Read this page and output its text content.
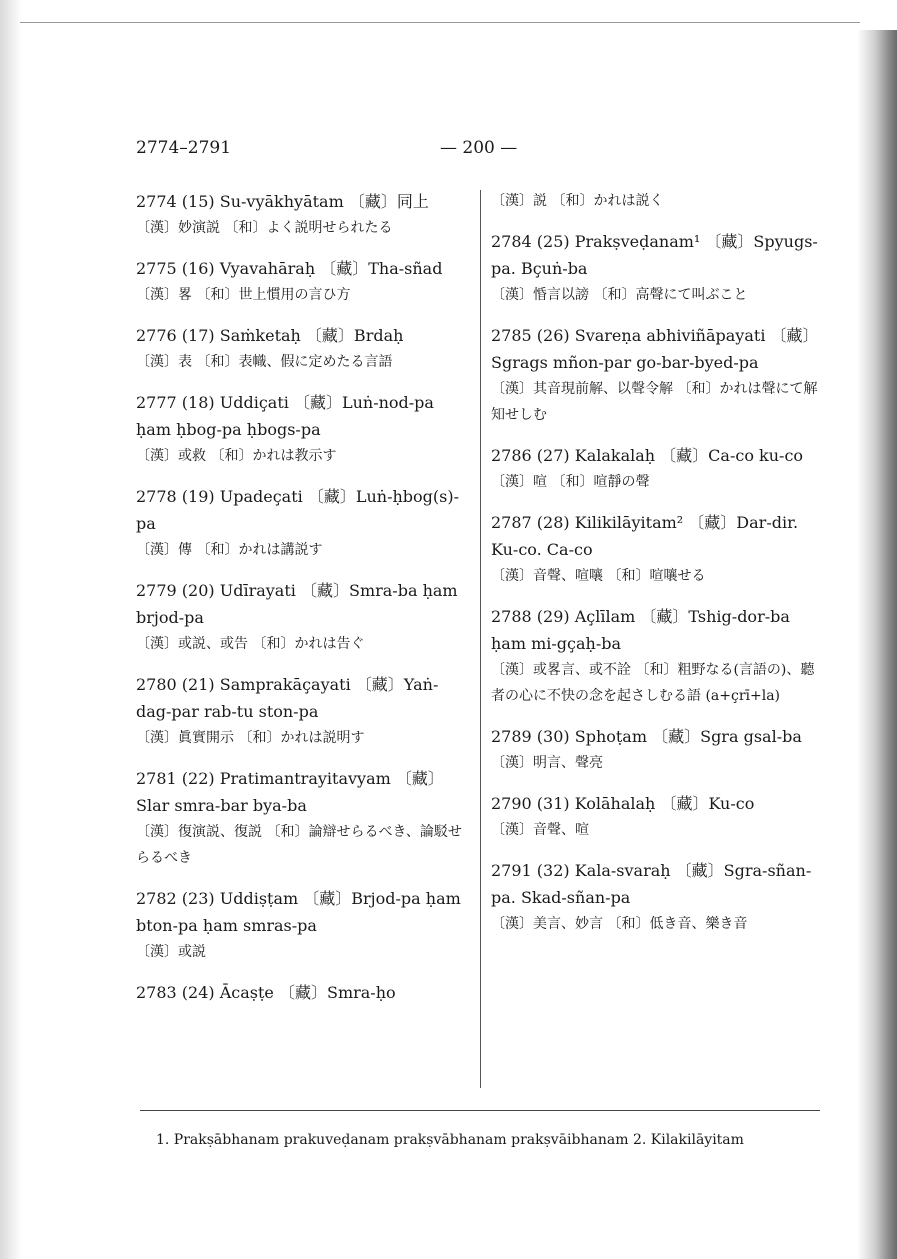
2774–2791	— 200 —
2774 (15) Su-vyākhyātam 〔藏〕同上
〔漢〕妙演説 〔和〕よく説明せられたる
2775 (16) Vyavahāraḥ 〔藏〕Tha-sñad
〔漢〕畧 〔和〕世上慣用の言ひ方
2776 (17) Saṁketaḥ 〔藏〕Brdaḥ
〔漢〕表 〔和〕表幟、假に定めたる言語
2777 (18) Uddiçati 〔藏〕Luṅ-nod-pa ḥam ḥbog-pa ḥbogs-pa
〔漢〕或救 〔和〕かれは教示す
2778 (19) Upadeçati 〔藏〕Luṅ-ḥbog(s)-pa
〔漢〕傳 〔和〕かれは講説す
2779 (20) Udīrayati 〔藏〕Smra-ba ḥam brjod-pa
〔漢〕或説、或告 〔和〕かれは告ぐ
2780 (21) Samprakāçayati 〔藏〕Yaṅ-dag-par rab-tu ston-pa
〔漢〕眞實開示 〔和〕かれは説明す
2781 (22) Pratimantrayitavyam 〔藏〕Slar smra-bar bya-ba
〔漢〕復演説、復説 〔和〕論辯せらるべき、論駁せらるべき
2782 (23) Uddiṣṭam 〔藏〕Brjod-pa ḥam bton-pa ḥam smras-pa
〔漢〕或説
2783 (24) Ācaṣṭe 〔藏〕Smra-ḥo
〔漢〕説 〔和〕かれは説く
2784 (25) Prakṣveḍanam¹ 〔藏〕Spyugs-pa. Bçuṅ-ba
〔漢〕惛言以謗 〔和〕高聲にて叫ぶこと
2785 (26) Svareṇa abhiviñāpayati 〔藏〕Sgrags mñon-par go-bar-byed-pa
〔漢〕其音現前解、以聲令解 〔和〕かれは聲にて解知せしむ
2786 (27) Kalakalaḥ 〔藏〕Ca-co ku-co
〔漢〕喧 〔和〕喧靜の聲
2787 (28) Kilikilāyitam² 〔藏〕Dar-dir. Ku-co. Ca-co
〔漢〕音聲、喧嚷 〔和〕喧嚷せる
2788 (29) Açlīlam 〔藏〕Tshig-dor-ba ḥam mi-gçaḥ-ba
〔漢〕或畧言、或不詮 〔和〕粗野なる(言語の)、聽者の心に不快の念を起さしむる語 (a+çrī+la)
2789 (30) Sphoṭam 〔藏〕Sgra gsal-ba
〔漢〕明言、聲亮
2790 (31) Kolāhalaḥ 〔藏〕Ku-co
〔漢〕音聲、喧
2791 (32) Kala-svaraḥ 〔藏〕Sgra-sñan-pa. Skad-sñan-pa
〔漢〕美言、妙言 〔和〕低き音、樂き音
1. Prakṣābhanam prakuveḍanam prakṣvābhanam prakṣvāibhanam 2. Kilakilāyitam
